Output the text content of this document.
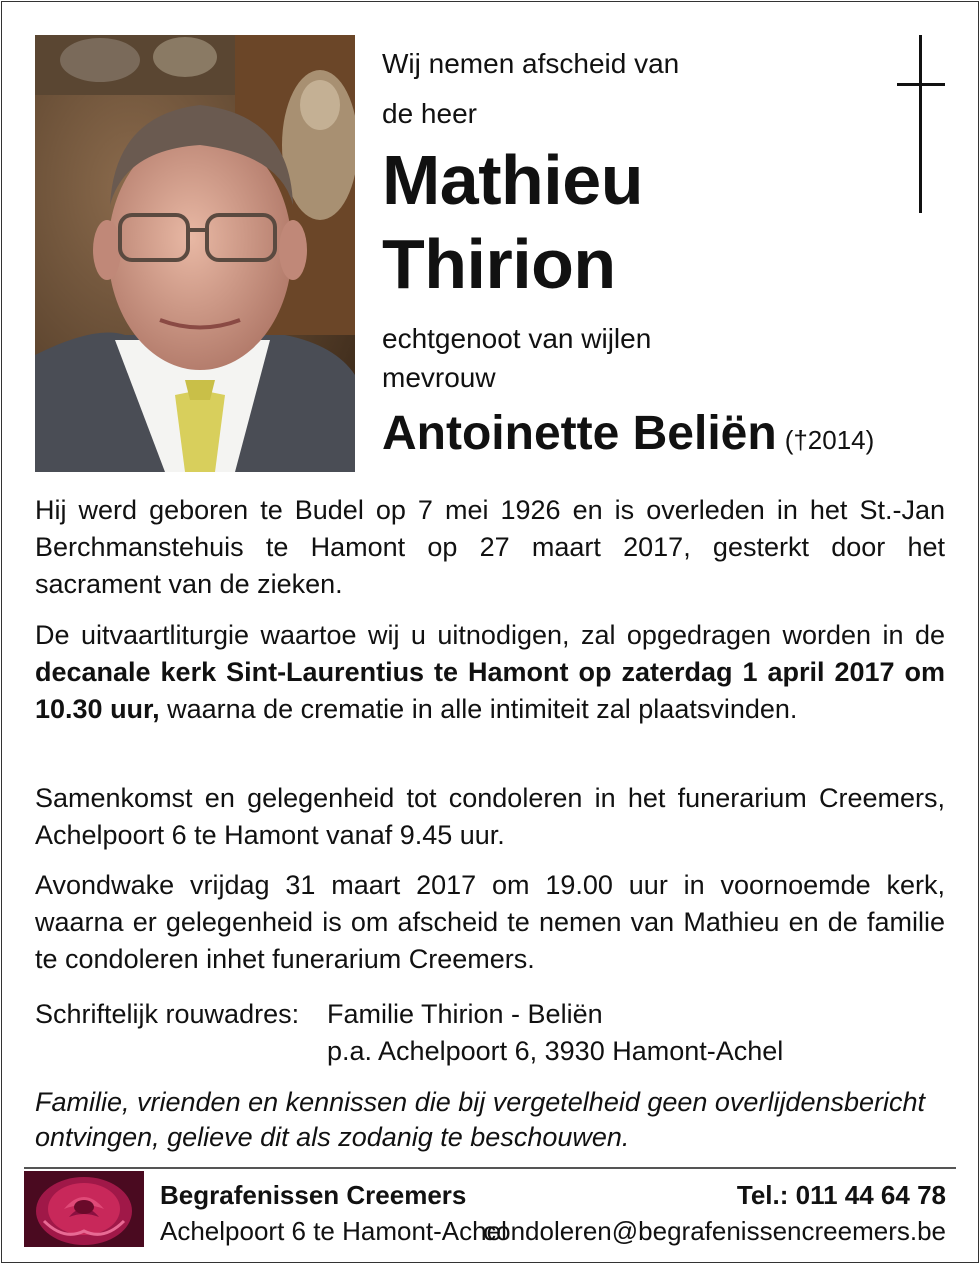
Wij nemen afscheid van
de heer
Mathieu
Thirion
echtgenoot van wijlen
mevrouw
Antoinette Beliën (†2014)
Hij werd geboren te Budel op 7 mei 1926 en is overleden in het St.-Jan Berchmanstehuis te Hamont op 27 maart 2017, gesterkt door het sacrament van de zieken.
De uitvaartliturgie waartoe wij u uitnodigen, zal opgedragen worden in de decanale kerk Sint-Laurentius te Hamont op zaterdag 1 april 2017 om 10.30 uur, waarna de crematie in alle intimiteit zal plaatsvinden.
Samenkomst en gelegenheid tot condoleren in het funerarium Creemers, Achelpoort 6 te Hamont vanaf 9.45 uur.
Avondwake vrijdag 31 maart 2017 om 19.00 uur in voornoemde kerk, waarna er gelegenheid is om afscheid te nemen van Mathieu en de familie te condoleren inhet funerarium Creemers.
Schriftelijk rouwadres: Familie Thirion - Beliën
p.a. Achelpoort 6, 3930 Hamont-Achel
Familie, vrienden en kennissen die bij vergetelheid geen overlijdensbericht ontvingen, gelieve dit als zodanig te beschouwen.
Begrafenissen Creemers
Achelpoort 6 te Hamont-Achel
Tel.: 011 44 64 78
condoleren@begrafenissencreemers.be
